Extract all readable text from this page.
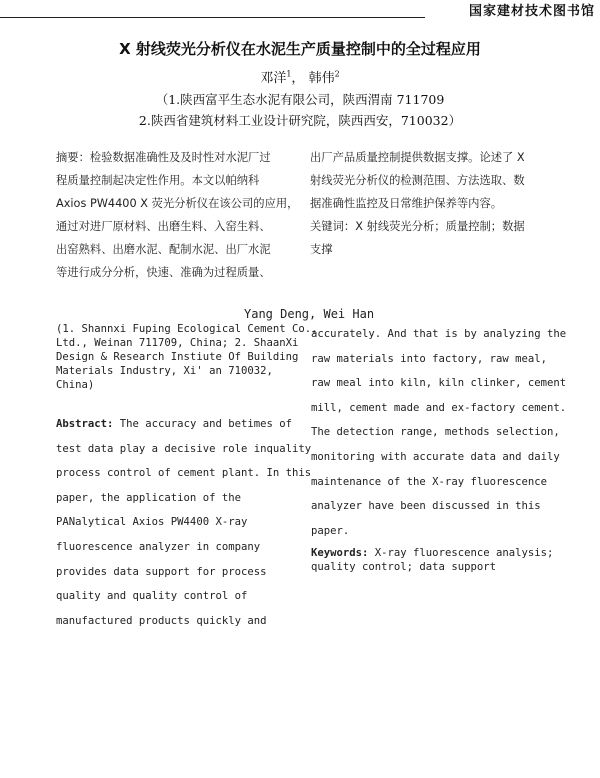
国家建材技术图书馆
X 射线荧光分析仪在水泥生产质量控制中的全过程应用
邓洋$^1$， 韩伟$^2$
（1.陕西富平生态水泥有限公司，陕西渭南 711709
2.陕西省建筑材料工业设计研究院，陕西西安，710032）
摘要：检验数据准确性及及时性对水泥厂过
程质量控制起决定性作用。本文以帕纳科
Axios PW4400 X 荧光分析仪在该公司的应用，
通过对进厂原材料、出磨生料、入窑生料、
出窑熟料、出磨水泥、配制水泥、出厂水泥
等进行成分分析，快速、准确为过程质量、
出厂产品质量控制提供数据支撑。论述了 X
射线荧光分析仪的检测范围、方法选取、数
据准确性监控及日常维护保养等内容。
关键词：X 射线荧光分析；质量控制；数据
支撑
Yang Deng, Wei Han
(1. Shannxi Fuping Ecological Cement Co.,
Ltd., Weinan 711709, China; 2. ShaanXi
Design & Research Instiute Of Building
Materials Industry, Xi' an 710032,
China)
Abstract: The accuracy and betimes of
test data play a decisive role inquality
process control of cement plant. In this
paper, the application of the
PANalytical Axios PW4400 X-ray
fluorescence analyzer in company
provides data support for process
quality and quality control of
manufactured products quickly and
accurately. And that is by analyzing the
raw materials into factory, raw meal,
raw meal into kiln, kiln clinker, cement
mill, cement made and ex-factory cement.
The detection range, methods selection,
monitoring with accurate data and daily
maintenance of the X-ray fluorescence
analyzer have been discussed in this
paper.
Keywords: X-ray fluorescence analysis;
quality control; data support
